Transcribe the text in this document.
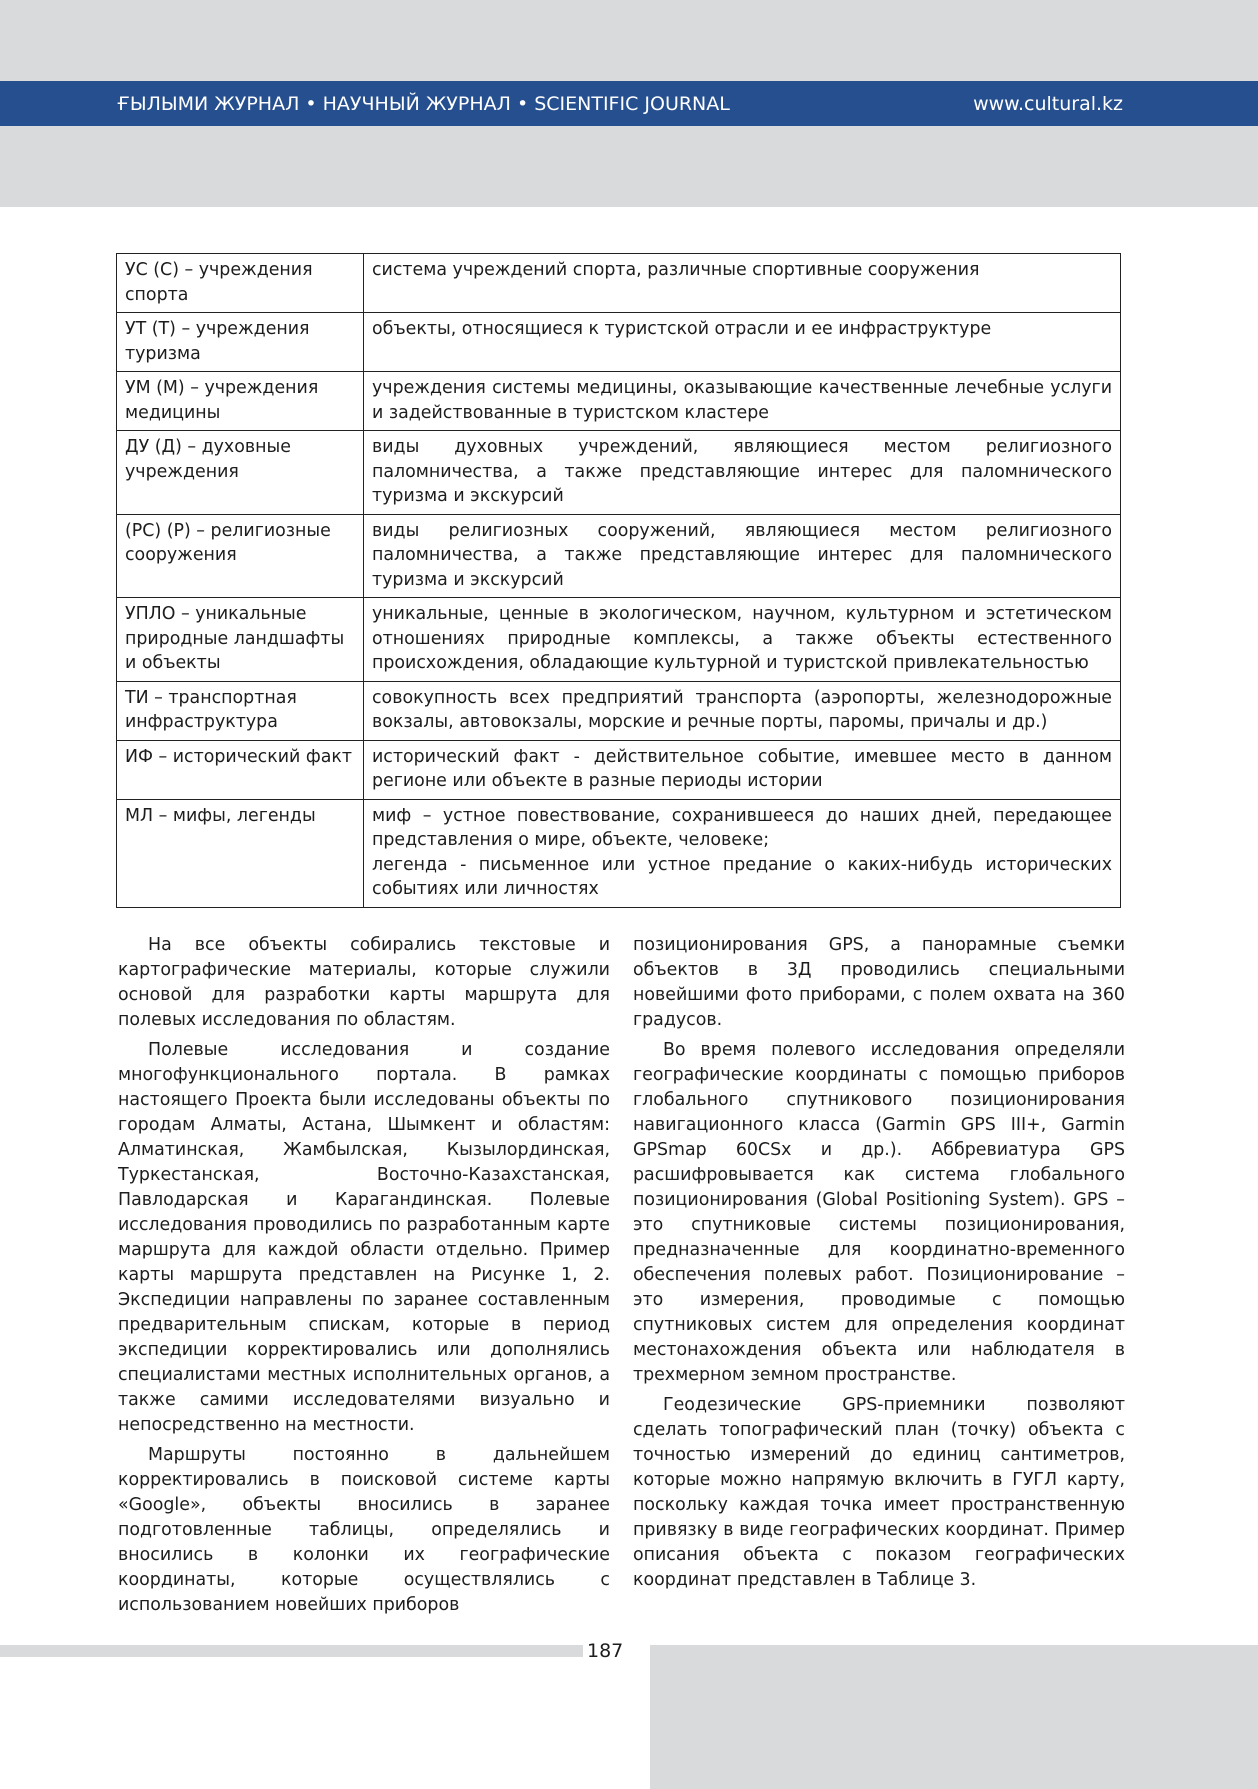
ҒЫЛЫМИ ЖУРНАЛ • НАУЧНЫЙ ЖУРНАЛ • SCIENTIFIC JOURNAL	www.cultural.kz
УС (С) – учреждения спорта	система учреждений спорта, различные спортивные сооружения

УТ (Т) – учреждения туризма	объекты, относящиеся к туристской отрасли и ее инфраструктуре

УМ (М) – учреждения медицины	учреждения системы медицины, оказывающие качественные лечебные услуги и задействованные в туристском кластере

ДУ (Д) – духовные учреждения	виды духовных учреждений, являющиеся местом религиозного паломничества, а также представляющие интерес для паломнического туризма и экскурсий

(РС) (Р) – религиозные сооружения	виды религиозных сооружений, являющиеся местом религиозного паломничества, а также представляющие интерес для паломнического туризма и экскурсий

УПЛО – уникальные природные ландшафты и объекты	уникальные, ценные в экологическом, научном, культурном и эстетическом отношениях природные комплексы, а также объекты естественного происхождения, обладающие культурной и туристской привлекательностью

ТИ – транспортная инфраструктура	совокупность всех предприятий транспорта (аэропорты, железнодорожные вокзалы, автовокзалы, морские и речные порты, паромы, причалы и др.)

ИФ – исторический факт	исторический факт - действительное событие, имевшее место в данном регионе или объекте в разные периоды истории

МЛ – мифы, легенды	миф – устное повествование, сохранившееся до наших дней, передающее представления о мире, объекте, человеке;
легенда - письменное или устное предание о каких-нибудь исторических событиях или личностях

На все объекты собирались текстовые и картографические материалы, которые служили основой для разработки карты маршрута для полевых исследования по областям.

Полевые исследования и создание многофункционального портала. В рамках настоящего Проекта были исследованы объекты по городам Алматы, Астана, Шымкент и областям: Алматинская, Жамбылская, Кызылординская, Туркестанская, Восточно-Казахстанская, Павлодарская и Карагандинская. Полевые исследования проводились по разработанным карте маршрута для каждой области отдельно. Пример карты маршрута представлен на Рисунке 1, 2. Экспедиции направлены по заранее составленным предварительным спискам, которые в период экспедиции корректировались или дополнялись специалистами местных исполнительных органов, а также самими исследователями визуально и непосредственно на местности.

Маршруты постоянно в дальнейшем корректировались в поисковой системе карты «Google», объекты вносились в заранее подготовленные таблицы, определялись и вносились в колонки их географические координаты, которые осуществлялись с использованием новейших приборов

позиционирования GPS, а панорамные съемки объектов в 3Д проводились специальными новейшими фото приборами, с полем охвата на 360 градусов.

Во время полевого исследования определяли географические координаты с помощью приборов глобального спутникового позиционирования навигационного класса (Garmin GPS III+, Garmin GPSmap 60CSx и др.). Аббревиатура GPS расшифровывается как система глобального позиционирования (Global Positioning System). GPS – это спутниковые системы позиционирования, предназначенные для координатно-временного обеспечения полевых работ. Позиционирование – это измерения, проводимые с помощью спутниковых систем для определения координат местонахождения объекта или наблюдателя в трехмерном земном пространстве.

Геодезические GPS-приемники позволяют сделать топографический план (точку) объекта с точностью измерений до единиц сантиметров, которые можно напрямую включить в ГУГЛ карту, поскольку каждая точка имеет пространственную привязку в виде географических координат. Пример описания объекта с показом географических координат представлен в Таблице 3.

187
